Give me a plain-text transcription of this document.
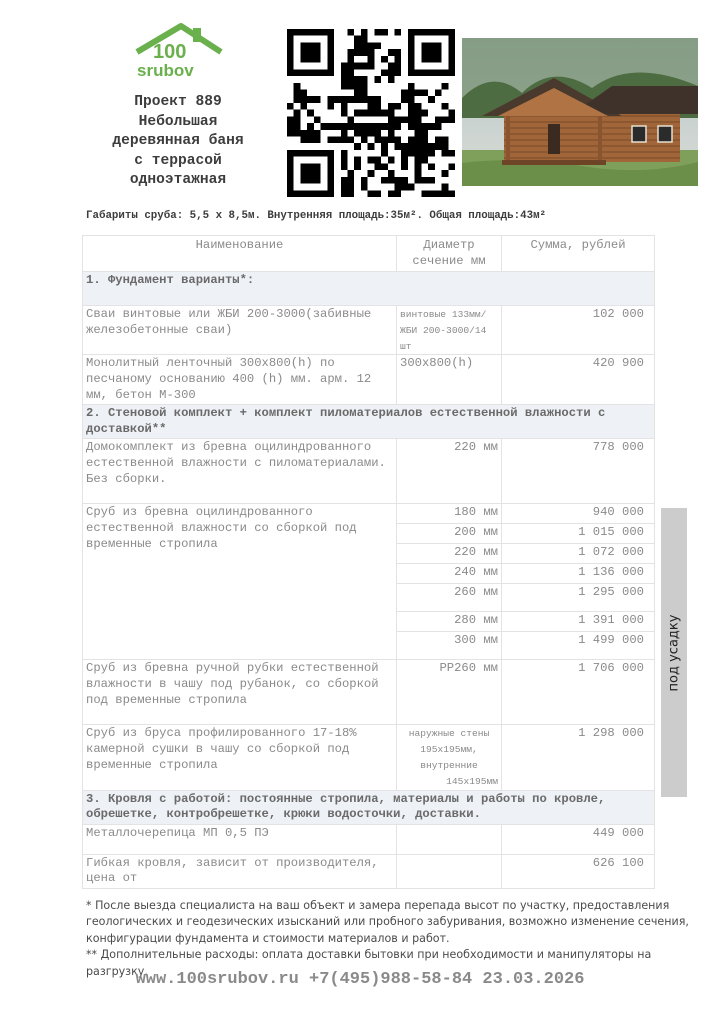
100
srubov
Проект 889
Небольшая
деревянная баня
с террасой
одноэтажная
Габариты сруба: 5,5 х 8,5м. Внутренняя площадь:35м². Общая площадь:43м²
Наименование	Диаметр сечение мм	Сумма, рублей
1. Фундамент варианты*:		
Сваи винтовые или ЖБИ 200-3000(забивные железобетонные сваи)	винтовые 133мм/ЖБИ 200-3000/14 шт	102 000
Монолитный ленточный 300x800(h) по песчаному основанию 400 (h) мм. арм. 12 мм, бетон М-300	300x800(h)	420 900
2. Стеновой комплект + комплект пиломатериалов естественной влажности с доставкой**		
Домокомплект из бревна оцилиндрованного естественной влажности с пиломатериалами. Без сборки.	220 мм	778 000
Сруб из бревна оцилиндрованного естественной влажности со сборкой под временные стропила	180 мм	940 000
	200 мм	1 015 000
	220 мм	1 072 000
	240 мм	1 136 000
	260 мм	1 295 000
	280 мм	1 391 000
	300 мм	1 499 000
Сруб из бревна ручной рубки естественной влажности в чашу под рубанок, со сборкой под временные стропила	РР260 мм	1 706 000
Сруб из бруса профилированного 17-18% камерной сушки в чашу со сборкой под временные стропила	наружные стены
195x195мм,
внутренние
145x195мм	1 298 000
3. Кровля с работой: постоянные стропила, материалы и работы по кровле, обрешетке, контробрешетке, крюки водосточки, доставки.		
Металлочерепица МП 0,5 ПЭ		449 000
Гибкая кровля, зависит от производителя, цена от		626 100
под усадку

* После выезда специалиста на ваш объект и замера перепада высот по участку, предоставления геологических и геодезических изысканий или пробного забуривания, возможно изменение сечения, конфигурации фундамента и стоимости материалов и работ.

** Дополнительные расходы: оплата доставки бытовки при необходимости и манипуляторы на разгрузку.

www.100srubov.ru +7(495)988-58-84 23.03.2026
